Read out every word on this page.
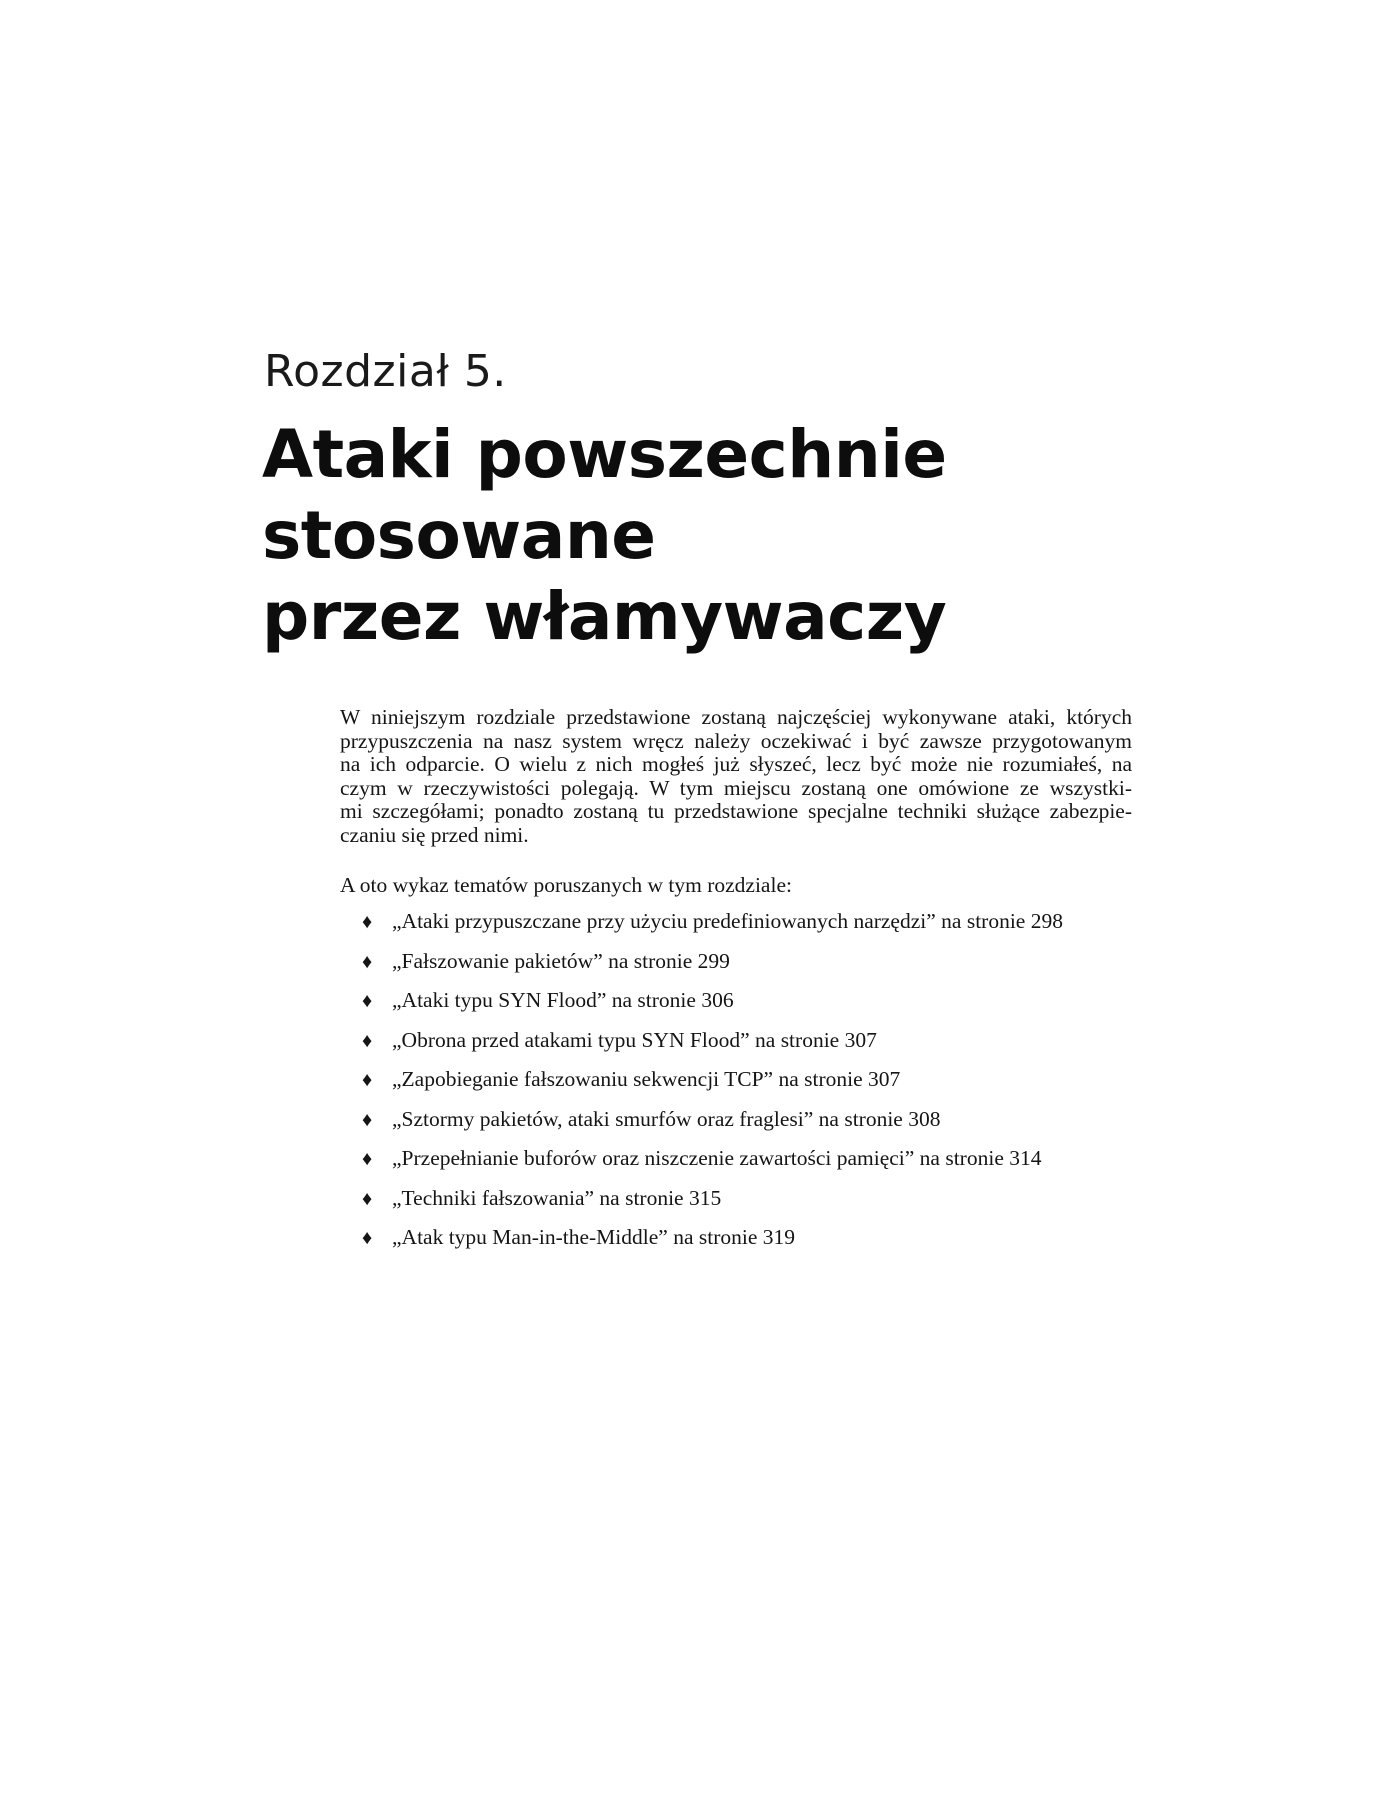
Rozdział 5.
Ataki powszechnie
stosowane
przez włamywaczy

W niniejszym rozdziale przedstawione zostaną najczęściej wykonywane ataki, których
przypuszczenia na nasz system wręcz należy oczekiwać i być zawsze przygotowanym
na ich odparcie. O wielu z nich mogłeś już słyszeć, lecz być może nie rozumiałeś, na
czym w rzeczywistości polegają. W tym miejscu zostaną one omówione ze wszystki-
mi szczegółami; ponadto zostaną tu przedstawione specjalne techniki służące zabezpie-
czaniu się przed nimi.

A oto wykaz tematów poruszanych w tym rozdziale:

♦ „Ataki przypuszczane przy użyciu predefiniowanych narzędzi” na stronie 298
♦ „Fałszowanie pakietów” na stronie 299
♦ „Ataki typu SYN Flood” na stronie 306
♦ „Obrona przed atakami typu SYN Flood” na stronie 307
♦ „Zapobieganie fałszowaniu sekwencji TCP” na stronie 307
♦ „Sztormy pakietów, ataki smurfów oraz fraglesi” na stronie 308
♦ „Przepełnianie buforów oraz niszczenie zawartości pamięci” na stronie 314
♦ „Techniki fałszowania” na stronie 315
♦ „Atak typu Man-in-the-Middle” na stronie 319
